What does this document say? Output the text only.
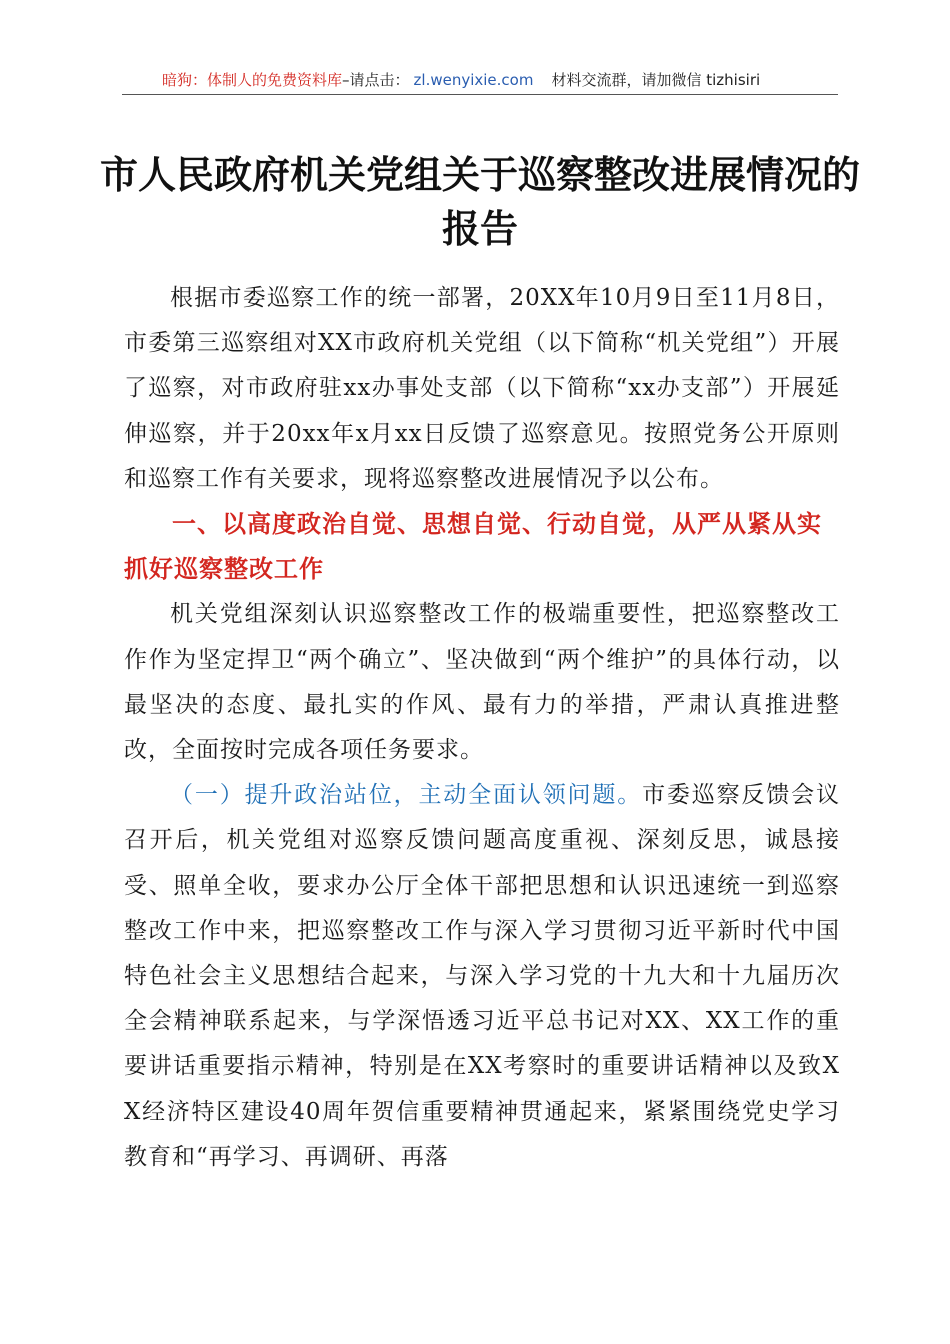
暗狗：体制人的免费资料库–请点击： zl.wenyixie.com 材料交流群，请加微信 tizhisiri
市人民政府机关党组关于巡察整改进展情况的
报告

根据市委巡察工作的统一部署，20XX年10月9日至11月8日，市委第三巡察组对XX市政府机关党组（以下简称“机关党组”）开展了巡察，对市政府驻xx办事处支部（以下简称“xx办支部”）开展延伸巡察，并于20xx年x月xx日反馈了巡察意见。按照党务公开原则和巡察工作有关要求，现将巡察整改进展情况予以公布。

一、以高度政治自觉、思想自觉、行动自觉，从严从紧从实抓好巡察整改工作

机关党组深刻认识巡察整改工作的极端重要性，把巡察整改工作作为坚定捍卫“两个确立”、坚决做到“两个维护”的具体行动，以最坚决的态度、最扎实的作风、最有力的举措，严肃认真推进整改，全面按时完成各项任务要求。

（一）提升政治站位，主动全面认领问题。市委巡察反馈会议召开后，机关党组对巡察反馈问题高度重视、深刻反思，诚恳接受、照单全收，要求办公厅全体干部把思想和认识迅速统一到巡察整改工作中来，把巡察整改工作与深入学习贯彻习近平新时代中国特色社会主义思想结合起来，与深入学习党的十九大和十九届历次全会精神联系起来，与学深悟透习近平总书记对XX、XX工作的重要讲话重要指示精神，特别是在XX考察时的重要讲话精神以及致XX经济特区建设40周年贺信重要精神贯通起来，紧紧围绕党史学习教育和“再学习、再调研、再落
